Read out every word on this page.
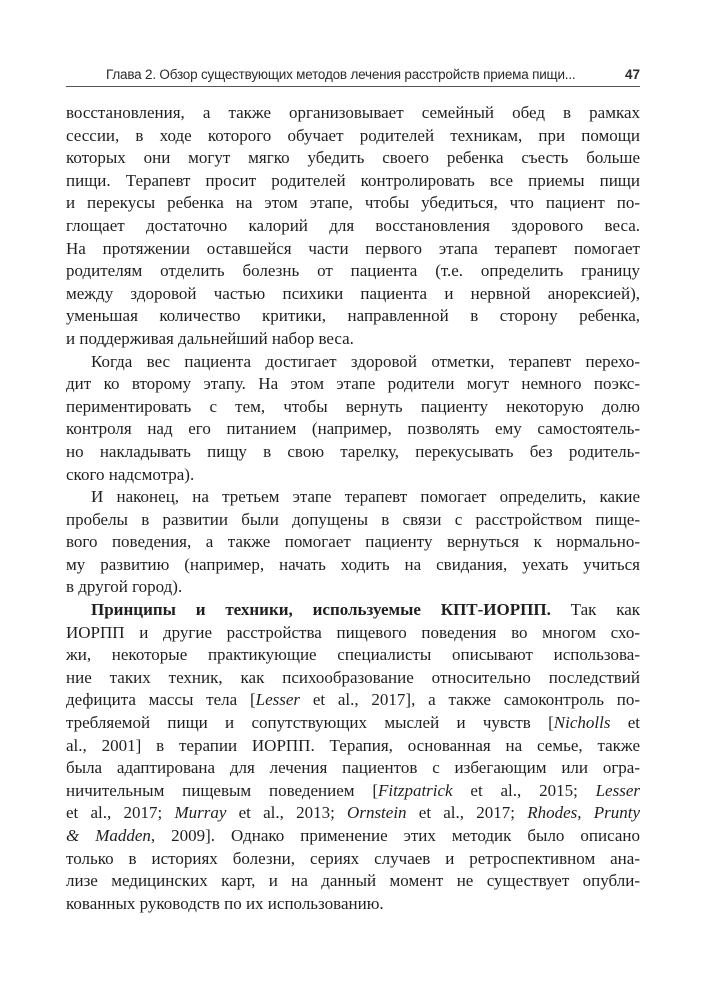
Глава 2. Обзор существующих методов лечения расстройств приема пищи...	47
восстановления, а также организовывает семейный обед в рамках
сессии, в ходе которого обучает родителей техникам, при помощи
которых они могут мягко убедить своего ребенка съесть больше
пищи. Терапевт просит родителей контролировать все приемы пищи
и перекусы ребенка на этом этапе, чтобы убедиться, что пациент по-
глощает достаточно калорий для восстановления здорового веса.
На протяжении оставшейся части первого этапа терапевт помогает
родителям отделить болезнь от пациента (т.е. определить границу
между здоровой частью психики пациента и нервной анорексией),
уменьшая количество критики, направленной в сторону ребенка,
и поддерживая дальнейший набор веса.
Когда вес пациента достигает здоровой отметки, терапевт перехо-
дит ко второму этапу. На этом этапе родители могут немного поэкс-
периментировать с тем, чтобы вернуть пациенту некоторую долю
контроля над его питанием (например, позволять ему самостоятель-
но накладывать пищу в свою тарелку, перекусывать без родитель-
ского надсмотра).
И наконец, на третьем этапе терапевт помогает определить, какие
пробелы в развитии были допущены в связи с расстройством пище-
вого поведения, а также помогает пациенту вернуться к нормально-
му развитию (например, начать ходить на свидания, уехать учиться
в другой город).
Принципы и техники, используемые КПТ-ИОРПП. Так как
ИОРПП и другие расстройства пищевого поведения во многом схо-
жи, некоторые практикующие специалисты описывают использова-
ние таких техник, как психообразование относительно последствий
дефицита массы тела [Lesser et al., 2017], а также самоконтроль по-
требляемой пищи и сопутствующих мыслей и чувств [Nicholls et
al., 2001] в терапии ИОРПП. Терапия, основанная на семье, также
была адаптирована для лечения пациентов с избегающим или огра-
ничительным пищевым поведением [Fitzpatrick et al., 2015; Lesser
et al., 2017; Murray et al., 2013; Ornstein et al., 2017; Rhodes, Prunty
& Madden, 2009]. Однако применение этих методик было описано
только в историях болезни, сериях случаев и ретроспективном ана-
лизе медицинских карт, и на данный момент не существует опубли-
кованных руководств по их использованию.
